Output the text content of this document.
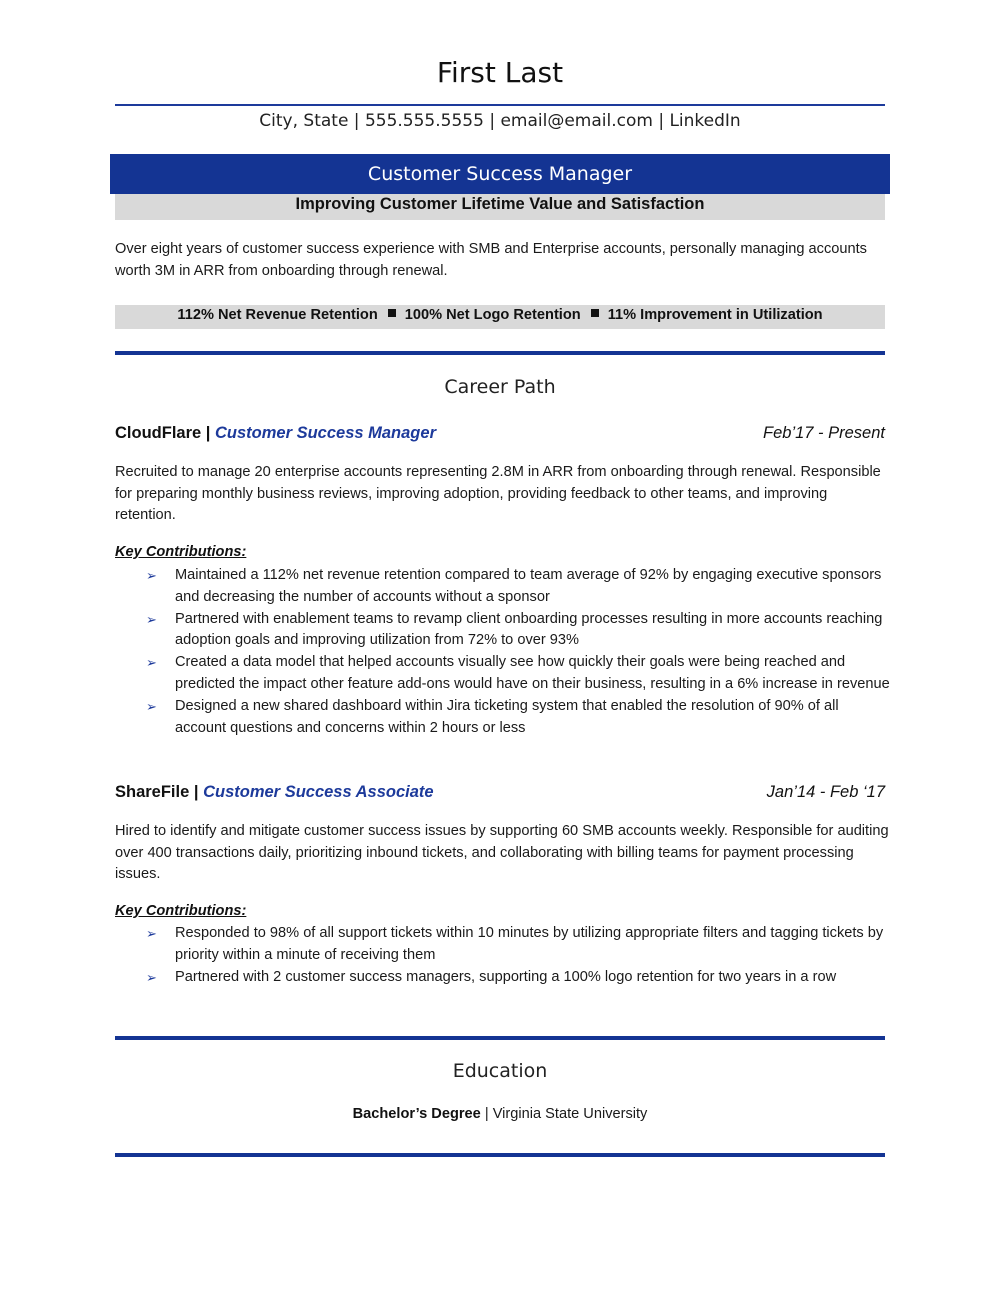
First Last
City, State | 555.555.5555 | email@email.com | LinkedIn
Customer Success Manager
Improving Customer Lifetime Value and Satisfaction
Over eight years of customer success experience with SMB and Enterprise accounts, personally managing accounts worth 3M in ARR from onboarding through renewal.
112% Net Revenue Retention 100% Net Logo Retention 11% Improvement in Utilization
Career Path
CloudFlare | Customer Success Manager	Feb’17 - Present
Recruited to manage 20 enterprise accounts representing 2.8M in ARR from onboarding through renewal. Responsible for preparing monthly business reviews, improving adoption, providing feedback to other teams, and improving retention.
Key Contributions:
➢ Maintained a 112% net revenue retention compared to team average of 92% by engaging executive sponsors and decreasing the number of accounts without a sponsor
➢ Partnered with enablement teams to revamp client onboarding processes resulting in more accounts reaching adoption goals and improving utilization from 72% to over 93%
➢ Created a data model that helped accounts visually see how quickly their goals were being reached and predicted the impact other feature add-ons would have on their business, resulting in a 6% increase in revenue
➢ Designed a new shared dashboard within Jira ticketing system that enabled the resolution of 90% of all account questions and concerns within 2 hours or less
ShareFile | Customer Success Associate	Jan’14 - Feb ‘17
Hired to identify and mitigate customer success issues by supporting 60 SMB accounts weekly. Responsible for auditing over 400 transactions daily, prioritizing inbound tickets, and collaborating with billing teams for payment processing issues.
Key Contributions:
➢ Responded to 98% of all support tickets within 10 minutes by utilizing appropriate filters and tagging tickets by priority within a minute of receiving them
➢ Partnered with 2 customer success managers, supporting a 100% logo retention for two years in a row
Education
Bachelor’s Degree | Virginia State University
